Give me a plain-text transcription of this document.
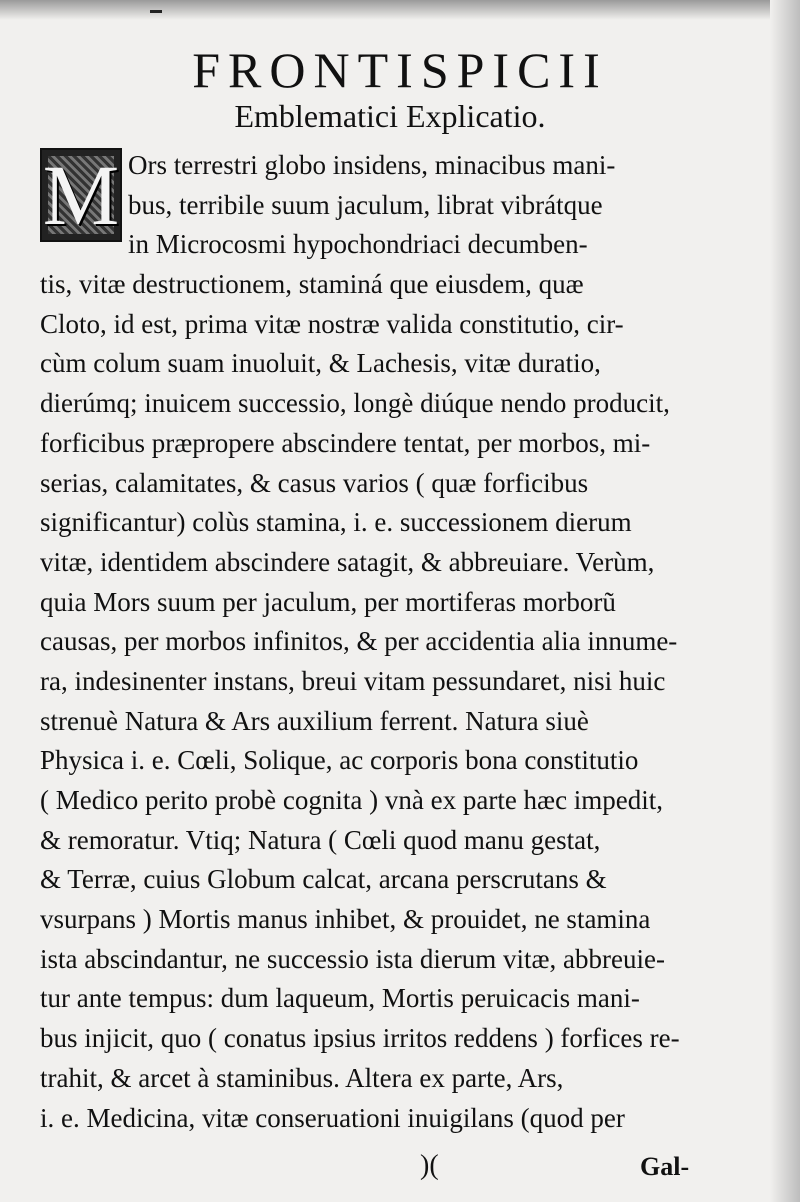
FRONTISPICII
Emblematici Explicatio.
M Ors terrestri globo insidens, minacibus mani-
bus, terribile suum jaculum, librat vibrátque
in Microcosmi hypochondriaci decumben-
tis, vitæ destructionem, staminá que eiusdem, quæ
Cloto, id est, prima vitæ nostræ valida constitutio, cir-
cùm colum suam inuoluit, & Lachesis, vitæ duratio,
dierúmq; inuicem successio, longè diúque nendo producit,
forficibus præpropere abscindere tentat, per morbos, mi-
serias, calamitates, & casus varios ( quæ forficibus
significantur) colùs stamina, i. e. successionem dierum
vitæ, identidem abscindere satagit, & abbreuiare. Verùm,
quia Mors suum per jaculum, per mortiferas morborũ
causas, per morbos infinitos, & per accidentia alia innume-
ra, indesinenter instans, breui vitam pessundaret, nisi huic
strenuè Natura & Ars auxilium ferrent. Natura siuè
Physica i. e. Cœli, Solique, ac corporis bona constitutio
( Medico perito probè cognita ) vnà ex parte hæc impedit,
& remoratur. Vtiq; Natura ( Cœli quod manu gestat,
& Terræ, cuius Globum calcat, arcana perscrutans &
vsurpans ) Mortis manus inhibet, & prouidet, ne stamina
ista abscindantur, ne successio ista dierum vitæ, abbreuie-
tur ante tempus: dum laqueum, Mortis peruicacis mani-
bus injicit, quo ( conatus ipsius irritos reddens ) forfices re-
trahit, & arcet à staminibus. Altera ex parte, Ars,
i. e. Medicina, vitæ conseruationi inuigilans (quod per
)(	Gal-
